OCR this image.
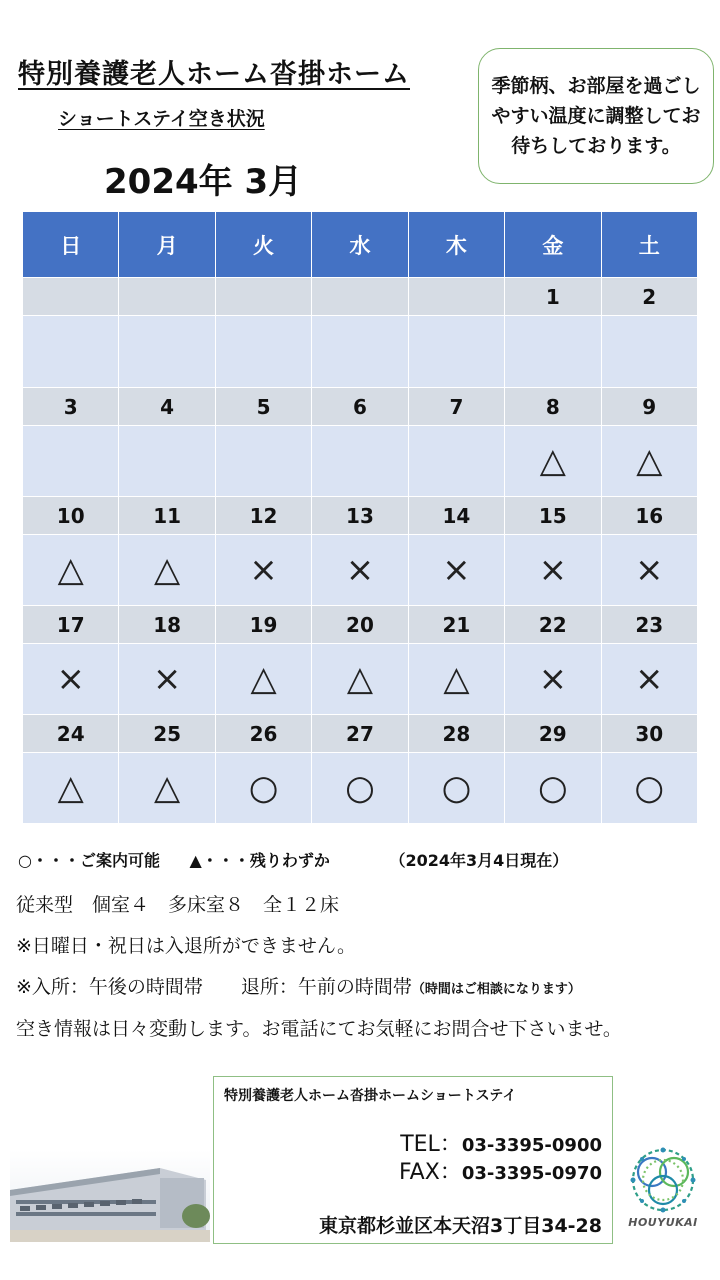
特別養護老人ホーム沓掛ホーム
ショートステイ空き状況
2024年 3月
季節柄、お部屋を過ごしやすい温度に調整してお待ちしております。
日	月	火	水	木	金	土
					1	2

3	4	5	6	7	8	9
					△	△
10	11	12	13	14	15	16
△	△	×	×	×	×	×
17	18	19	20	21	22	23
×	×	△	△	△	×	×
24	25	26	27	28	29	30
△	△	○	○	○	○	○
○・・・ご案内可能 ▲・・・残りわずか	（2024年3月4日現在）
従来型　個室４　多床室８　全１２床
※日曜日・祝日は入退所ができません。
※入所：午後の時間帯　　退所：午前の時間帯（時間はご相談になります）
空き情報は日々変動します。お電話にてお気軽にお問合せ下さいませ。
特別養護老人ホーム沓掛ホームショートステイ
TEL：03-3395-0900
FAX：03-3395-0970
東京都杉並区本天沼3丁目34-28	HOUYUKAI
